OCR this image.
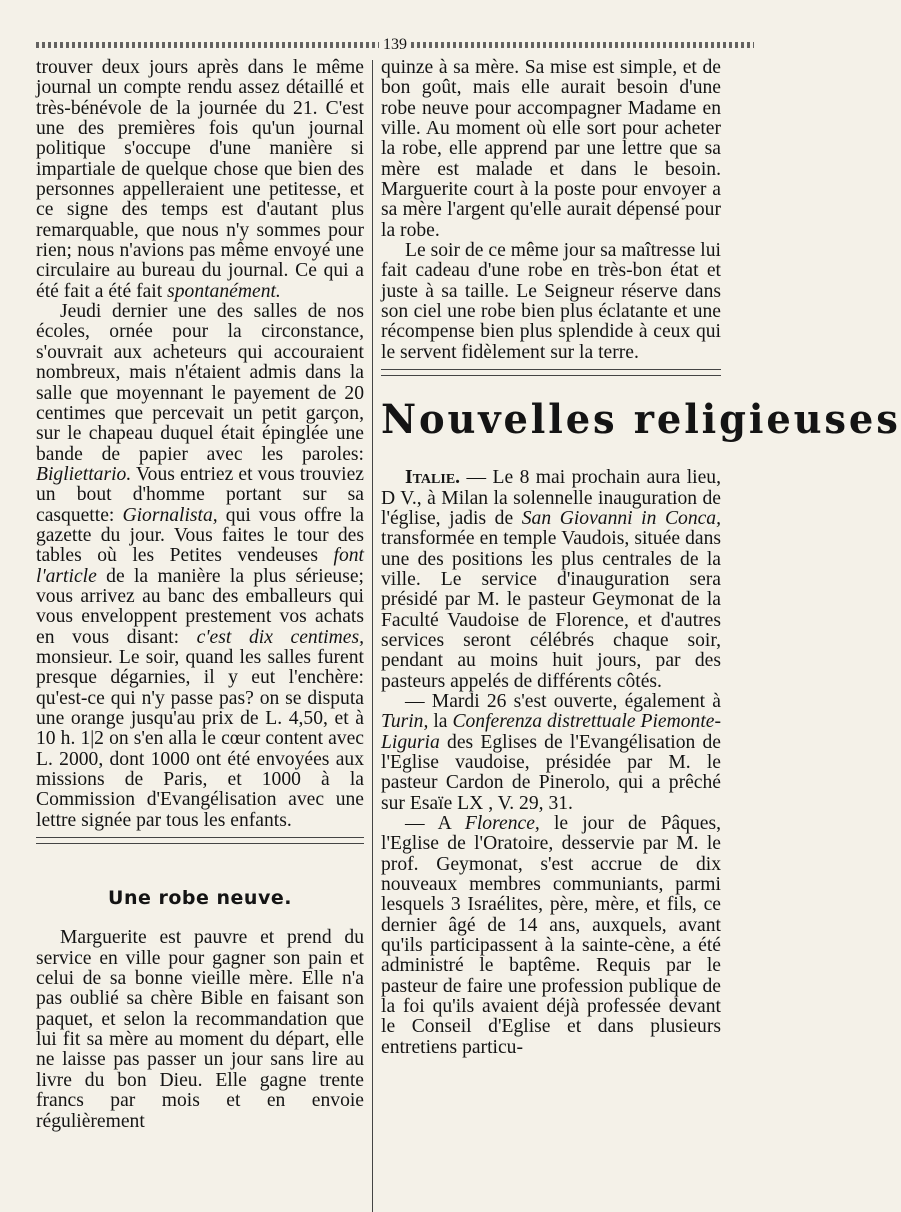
139

trouver deux jours après dans le même journal un compte rendu assez détaillé et très-bénévole de la journée du 21. C'est une des premières fois qu'un journal politique s'occupe d'une manière si impartiale de quelque chose que bien des personnes appelleraient une petitesse, et ce signe des temps est d'autant plus remarquable, que nous n'y sommes pour rien; nous n'avions pas même envoyé une circulaire au bureau du journal. Ce qui a été fait a été fait spontanément.

Jeudi dernier une des salles de nos écoles, ornée pour la circonstance, s'ouvrait aux acheteurs qui accouraient nombreux, mais n'étaient admis dans la salle que moyennant le payement de 20 centimes que percevait un petit garçon, sur le chapeau duquel était épinglée une bande de papier avec les paroles: Bigliettario. Vous entriez et vous trouviez un bout d'homme portant sur sa casquette: Giornalista, qui vous offre la gazette du jour. Vous faites le tour des tables où les Petites vendeuses font l'article de la manière la plus sérieuse; vous arrivez au banc des emballeurs qui vous enveloppent prestement vos achats en vous disant: c'est dix centimes, monsieur. Le soir, quand les salles furent presque dégarnies, il y eut l'enchère: qu'est-ce qui n'y passe pas? on se disputa une orange jusqu'au prix de L. 4,50, et à 10 h. 1|2 on s'en alla le cœur content avec L. 2000, dont 1000 ont été envoyées aux missions de Paris, et 1000 à la Commission d'Evangélisation avec une lettre signée par tous les enfants.

Une robe neuve.

Marguerite est pauvre et prend du service en ville pour gagner son pain et celui de sa bonne vieille mère. Elle n'a pas oublié sa chère Bible en faisant son paquet, et selon la recommandation que lui fit sa mère au moment du départ, elle ne laisse pas passer un jour sans lire au livre du bon Dieu. Elle gagne trente francs par mois et en envoie régulièrement

quinze à sa mère. Sa mise est simple, et de bon goût, mais elle aurait besoin d'une robe neuve pour accompagner Madame en ville. Au moment où elle sort pour acheter la robe, elle apprend par une lettre que sa mère est malade et dans le besoin. Marguerite court à la poste pour envoyer a sa mère l'argent qu'elle aurait dépensé pour la robe.

Le soir de ce même jour sa maîtresse lui fait cadeau d'une robe en très-bon état et juste à sa taille. Le Seigneur réserve dans son ciel une robe bien plus éclatante et une récompense bien plus splendide à ceux qui le servent fidèlement sur la terre.

Nouvelles religieuses

Italie. — Le 8 mai prochain aura lieu, D V., à Milan la solennelle inauguration de l'église, jadis de San Giovanni in Conca, transformée en temple Vaudois, située dans une des positions les plus centrales de la ville. Le service d'inauguration sera présidé par M. le pasteur Geymonat de la Faculté Vaudoise de Florence, et d'autres services seront célébrés chaque soir, pendant au moins huit jours, par des pasteurs appelés de différents côtés.

— Mardi 26 s'est ouverte, également à Turin, la Conferenza distrettuale Piemonte-Liguria des Eglises de l'Evangélisation de l'Eglise vaudoise, présidée par M. le pasteur Cardon de Pinerolo, qui a prêché sur Esaïe LX , V. 29, 31.

— A Florence, le jour de Pâques, l'Eglise de l'Oratoire, desservie par M. le prof. Geymonat, s'est accrue de dix nouveaux membres communiants, parmi lesquels 3 Israélites, père, mère, et fils, ce dernier âgé de 14 ans, auxquels, avant qu'ils participassent à la sainte-cène, a été administré le baptême. Requis par le pasteur de faire une profession publique de la foi qu'ils avaient déjà professée devant le Conseil d'Eglise et dans plusieurs entretiens particu-
